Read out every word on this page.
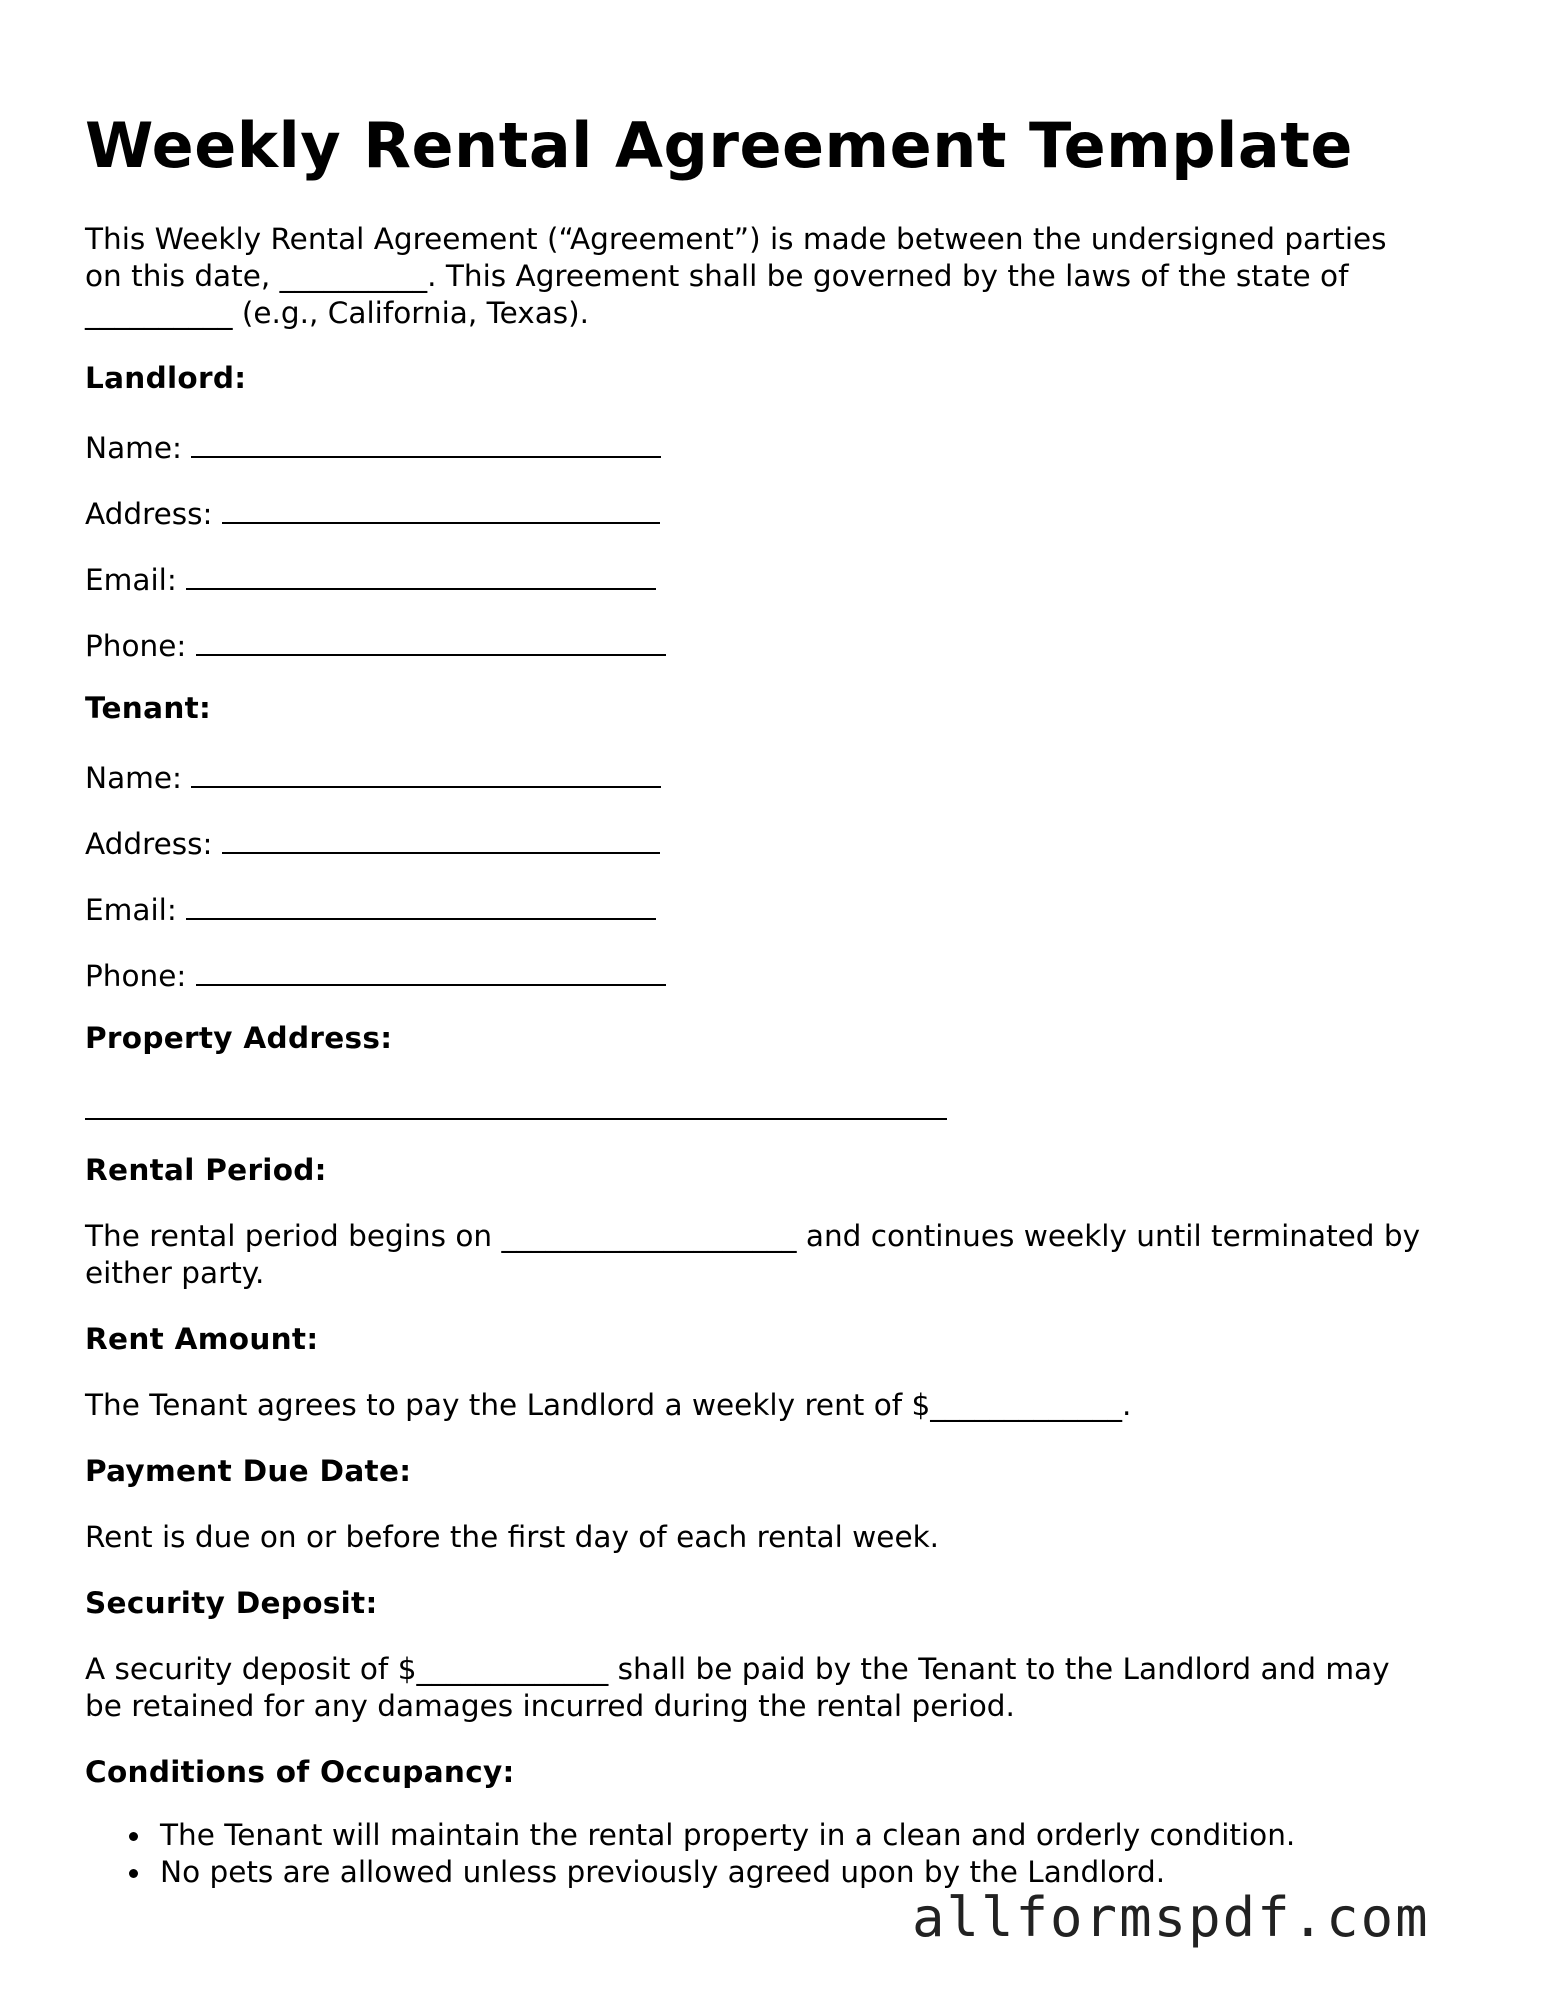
Weekly Rental Agreement Template

This Weekly Rental Agreement (“Agreement”) is made between the undersigned parties

on this date, __________. This Agreement shall be governed by the laws of the state of

__________ (e.g., California, Texas).

Landlord:

Name:
Address:
Email:
Phone:

Tenant:

Name:
Address:
Email:
Phone:

Property Address:

Rental Period:

The rental period begins on ____________________ and continues weekly until terminated by

either party.

Rent Amount:

The Tenant agrees to pay the Landlord a weekly rent of $_____________.

Payment Due Date:

Rent is due on or before the first day of each rental week.

Security Deposit:

A security deposit of $_____________ shall be paid by the Tenant to the Landlord and may

be retained for any damages incurred during the rental period.

Conditions of Occupancy:

The Tenant will maintain the rental property in a clean and orderly condition.
No pets are allowed unless previously agreed upon by the Landlord.
allformspdf.com
